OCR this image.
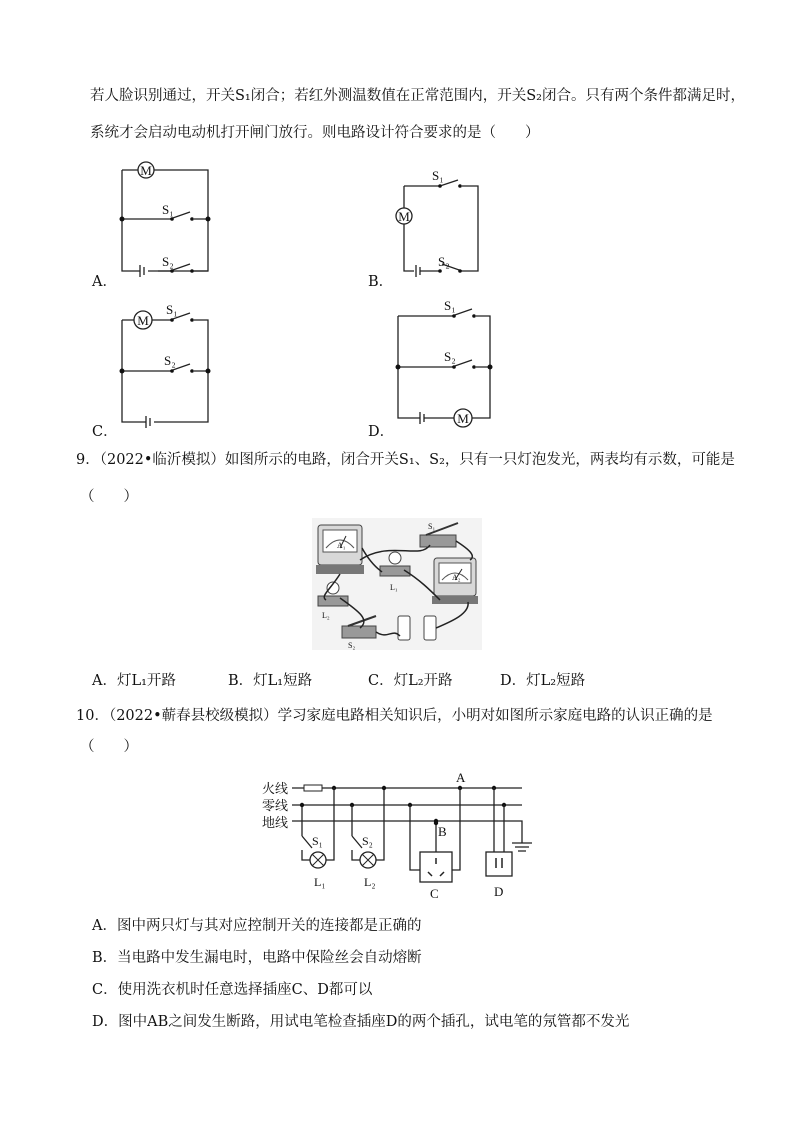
若人脸识别通过，开关S₁闭合；若红外测温数值在正常范围内，开关S₂闭合。只有两个条件都满足时，
系统才会启动电动机打开闸门放行。则电路设计符合要求的是（　　）
A．	B．
C．	D．
M
S₁
S₂
S₁
S₂
M
M
S₁
S₂
S₁
M
S₂
9．（2022•临沂模拟）如图所示的电路，闭合开关S₁、S₂，只有一只灯泡发光，两表均有示数，可能是
（　　）
A₁
A₂
S₁
L₁
L₂
S₂
A．灯L₁开路	B．灯L₁短路	C．灯L₂开路	D．灯L₂短路
10．（2022•蕲春县校级模拟）学习家庭电路相关知识后，小明对如图所示家庭电路的认识正确的是
（　　）
火线
零线
地线
A
S₁
L₁
S₂
L₂
B
C	D
A．图中两只灯与其对应控制开关的连接都是正确的
B．当电路中发生漏电时，电路中保险丝会自动熔断
C．使用洗衣机时任意选择插座C、D都可以
D．图中AB之间发生断路，用试电笔检查插座D的两个插孔，试电笔的氖管都不发光
